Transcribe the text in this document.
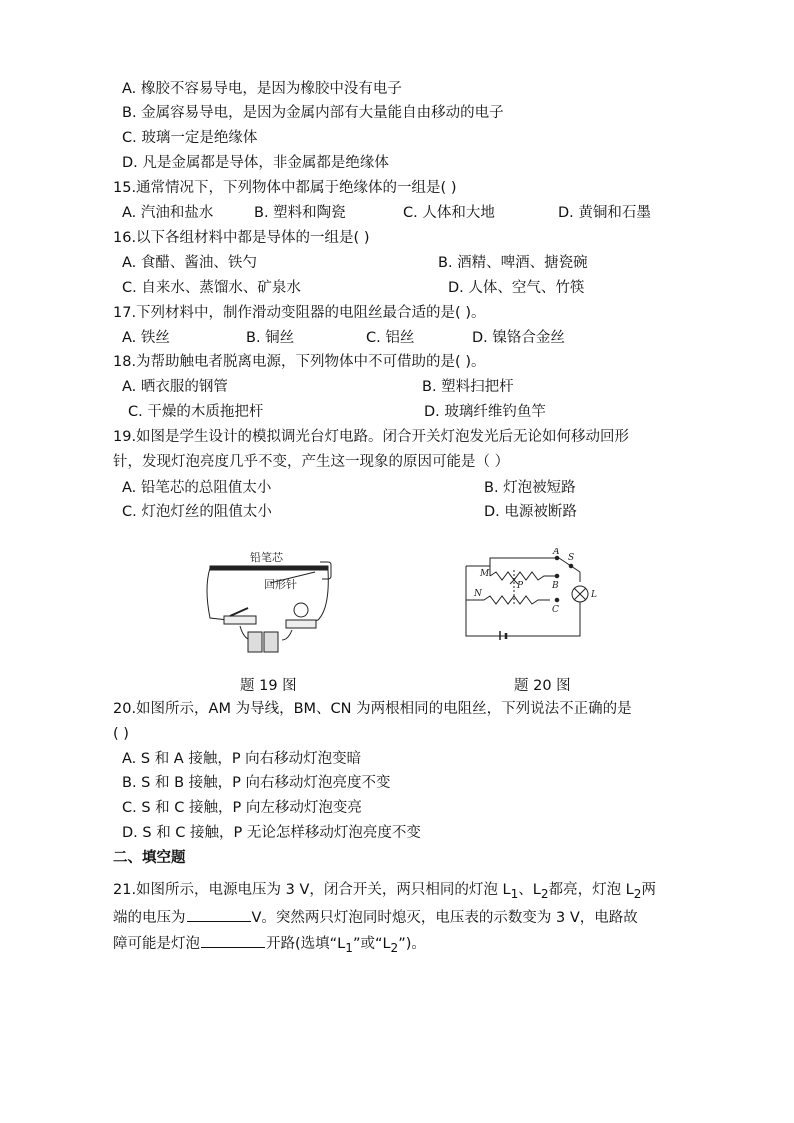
A. 橡胶不容易导电，是因为橡胶中没有电子
B. 金属容易导电，是因为金属内部有大量能自由移动的电子
C. 玻璃一定是绝缘体
D. 凡是金属都是导体，非金属都是绝缘体
15.通常情况下，下列物体中都属于绝缘体的一组是( )
A. 汽油和盐水	B. 塑料和陶瓷	C. 人体和大地	D. 黄铜和石墨
16.以下各组材料中都是导体的一组是( )
A. 食醋、酱油、铁勺	B. 酒精、啤酒、搪瓷碗
C. 自来水、蒸馏水、矿泉水	D. 人体、空气、竹筷
17.下列材料中，制作滑动变阻器的电阻丝最合适的是( )。
A. 铁丝	B. 铜丝	C. 铝丝	D. 镍铬合金丝
18.为帮助触电者脱离电源，下列物体中不可借助的是( )。
A. 晒衣服的钢管	B. 塑料扫把杆
C. 干燥的木质拖把杆	D. 玻璃纤维钓鱼竿
19.如图是学生设计的模拟调光台灯电路。闭合开关灯泡发光后无论如何移动回形
针，发现灯泡亮度几乎不变，产生这一现象的原因可能是（ ）
A. 铅笔芯的总阻值太小	B. 灯泡被短路
C. 灯泡灯丝的阻值太小	D. 电源被断路
铅笔芯
回形针
题 19 图
A
B
C
S
M
N
P
L
题 20 图
20.如图所示，AM 为导线，BM、CN 为两根相同的电阻丝，下列说法不正确的是
( )
A. S 和 A 接触，P 向右移动灯泡变暗
B. S 和 B 接触，P 向右移动灯泡亮度不变
C. S 和 C 接触，P 向左移动灯泡变亮
D. S 和 C 接触，P 无论怎样移动灯泡亮度不变
二、填空题
21.如图所示，电源电压为 3 V，闭合开关，两只相同的灯泡 $L_1$、$L_2$都亮，灯泡 $L_2$两
端的电压为	V。突然两只灯泡同时熄灭，电压表的示数变为 3 V，电路故
障可能是灯泡	开路(选填“$L_1$”或“$L_2$”)。
